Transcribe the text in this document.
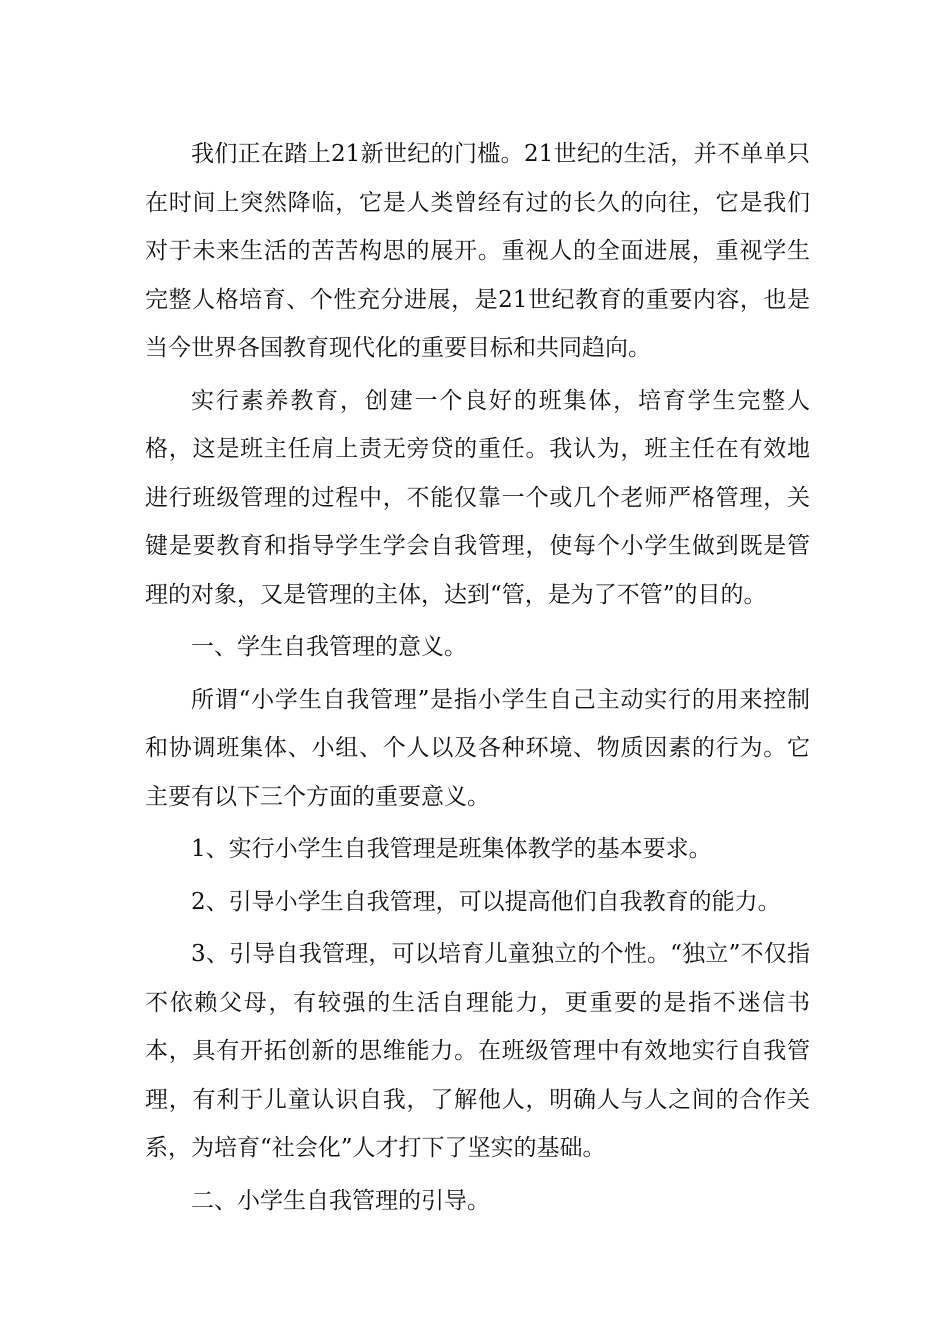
我们正在踏上21新世纪的门槛。21世纪的生活，并不单单只在时间上突然降临，它是人类曾经有过的长久的向往，它是我们对于未来生活的苦苦构思的展开。重视人的全面进展，重视学生完整人格培育、个性充分进展，是21世纪教育的重要内容，也是当今世界各国教育现代化的重要目标和共同趋向。

实行素养教育，创建一个良好的班集体，培育学生完整人格，这是班主任肩上责无旁贷的重任。我认为，班主任在有效地进行班级管理的过程中，不能仅靠一个或几个老师严格管理，关键是要教育和指导学生学会自我管理，使每个小学生做到既是管理的对象，又是管理的主体，达到“管，是为了不管”的目的。

一、学生自我管理的意义。

所谓“小学生自我管理”是指小学生自己主动实行的用来控制和协调班集体、小组、个人以及各种环境、物质因素的行为。它主要有以下三个方面的重要意义。

1、实行小学生自我管理是班集体教学的基本要求。

2、引导小学生自我管理，可以提高他们自我教育的能力。

3、引导自我管理，可以培育儿童独立的个性。“独立”不仅指不依赖父母，有较强的生活自理能力，更重要的是指不迷信书本，具有开拓创新的思维能力。在班级管理中有效地实行自我管理，有利于儿童认识自我，了解他人，明确人与人之间的合作关系，为培育“社会化”人才打下了坚实的基础。

二、小学生自我管理的引导。
